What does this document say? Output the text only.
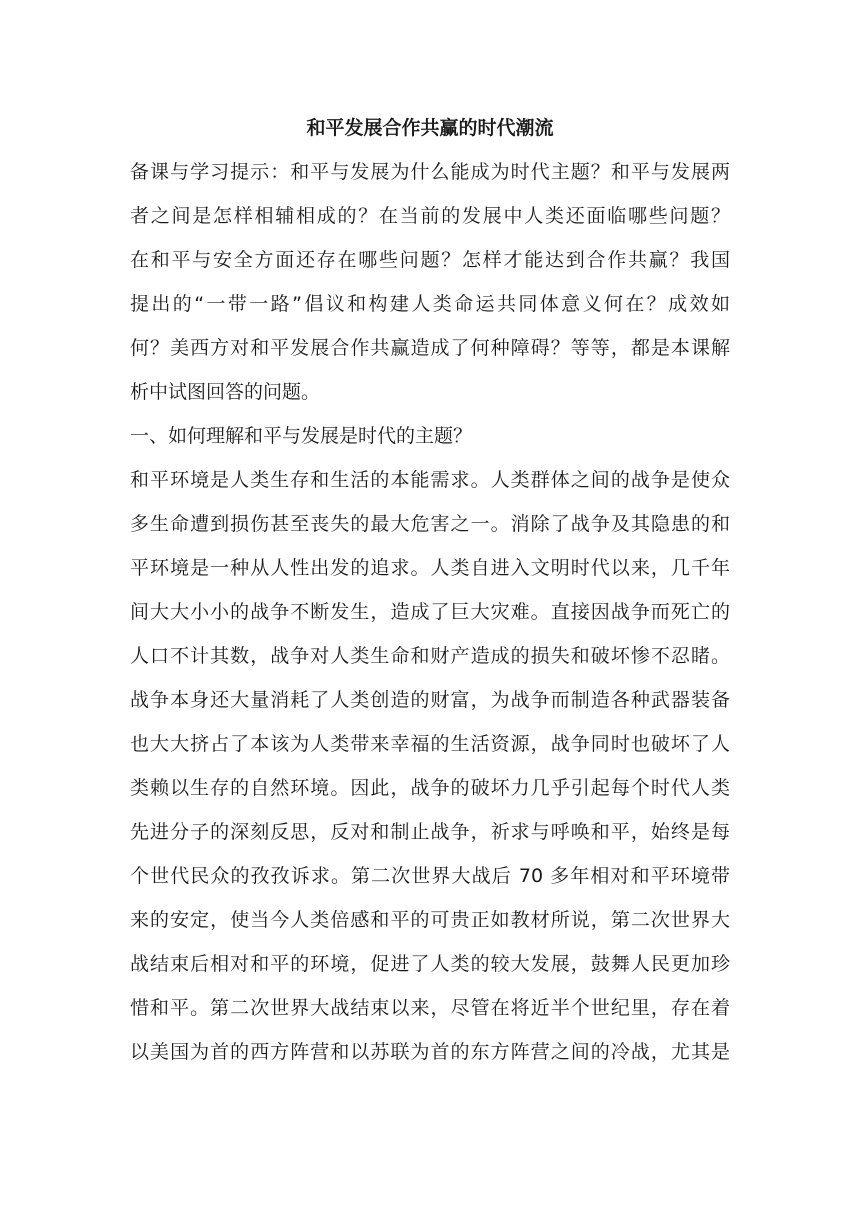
和平发展合作共赢的时代潮流
备课与学习提示：和平与发展为什么能成为时代主题？和平与发展两
者之间是怎样相辅相成的？在当前的发展中人类还面临哪些问题？
在和平与安全方面还存在哪些问题？怎样才能达到合作共赢？我国
提出的“一带一路”倡议和构建人类命运共同体意义何在？成效如
何？美西方对和平发展合作共赢造成了何种障碍？等等，都是本课解
析中试图回答的问题。
一、如何理解和平与发展是时代的主题？
和平环境是人类生存和生活的本能需求。人类群体之间的战争是使众
多生命遭到损伤甚至丧失的最大危害之一。消除了战争及其隐患的和
平环境是一种从人性出发的追求。人类自进入文明时代以来，几千年
间大大小小的战争不断发生，造成了巨大灾难。直接因战争而死亡的
人口不计其数，战争对人类生命和财产造成的损失和破坏惨不忍睹。
战争本身还大量消耗了人类创造的财富，为战争而制造各种武器装备
也大大挤占了本该为人类带来幸福的生活资源，战争同时也破坏了人
类赖以生存的自然环境。因此，战争的破坏力几乎引起每个时代人类
先进分子的深刻反思，反对和制止战争，祈求与呼唤和平，始终是每
个世代民众的孜孜诉求。第二次世界大战后 70 多年相对和平环境带
来的安定，使当今人类倍感和平的可贵正如教材所说，第二次世界大
战结束后相对和平的环境，促进了人类的较大发展，鼓舞人民更加珍
惜和平。第二次世界大战结束以来，尽管在将近半个世纪里，存在着
以美国为首的西方阵营和以苏联为首的东方阵营之间的冷战，尤其是
